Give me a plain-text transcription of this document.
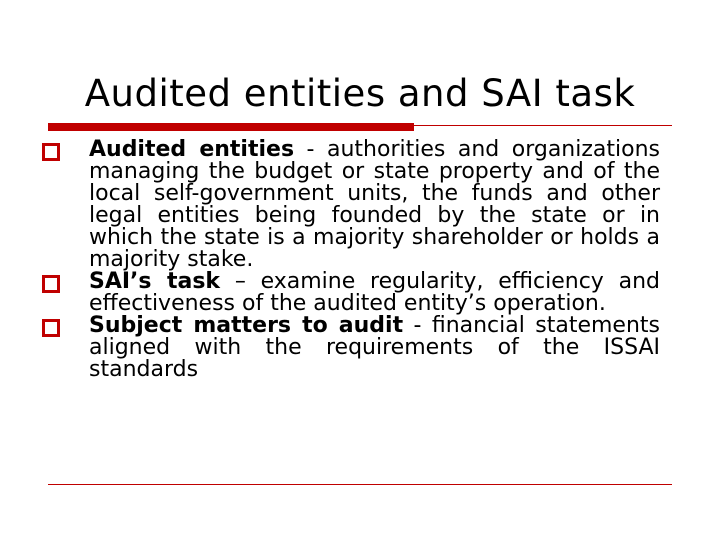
Audited entities and SAI task
Audited entities - authorities and organizations managing the budget or state property and of the local self-government units, the funds and other legal entities being founded by the state or in which the state is a majority shareholder or holds a majority stake.
SAI’s task – examine regularity, efficiency and effectiveness of the audited entity’s operation.
Subject matters to audit - financial statements aligned with the requirements of the ISSAI standards
